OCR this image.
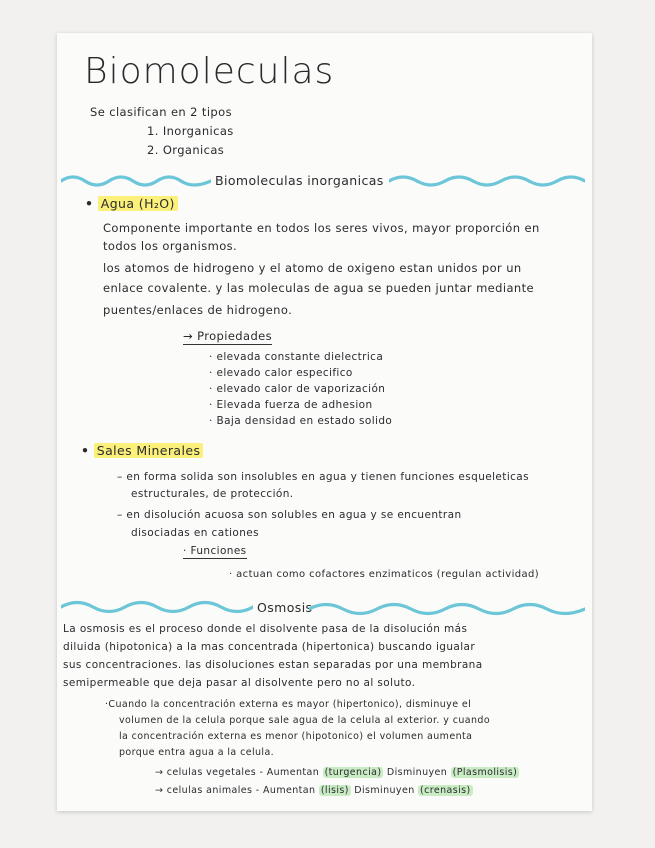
Biomoleculas
Se clasifican en 2 tipos
1. Inorganicas
2. Organicas
Biomoleculas inorganicas
• Agua (H₂O)
Componente importante en todos los seres vivos, mayor proporción en
todos los organismos.
los atomos de hidrogeno y el atomo de oxigeno estan unidos por un
enlace covalente. y las moleculas de agua se pueden juntar mediante
puentes/enlaces de hidrogeno.
→ Propiedades
· elevada constante dielectrica
· elevado calor especifico
· elevado calor de vaporización
· Elevada fuerza de adhesion
· Baja densidad en estado solido
• Sales Minerales
– en forma solida son insolubles en agua y tienen funciones esqueleticas
estructurales, de protección.
– en disolución acuosa son solubles en agua y se encuentran
disociadas en cationes
· Funciones
· actuan como cofactores enzimaticos (regulan actividad)
Osmosis
La osmosis es el proceso donde el disolvente pasa de la disolución más
diluida (hipotonica) a la mas concentrada (hipertonica) buscando igualar
sus concentraciones. las disoluciones estan separadas por una membrana
semipermeable que deja pasar al disolvente pero no al soluto.
·Cuando la concentración externa es mayor (hipertonico), disminuye el
volumen de la celula porque sale agua de la celula al exterior. y cuando
la concentración externa es menor (hipotonico) el volumen aumenta
porque entra agua a la celula.
→ celulas vegetales - Aumentan (turgencia) Disminuyen (Plasmolisis)
→ celulas animales - Aumentan (lisis) Disminuyen (crenasis)
